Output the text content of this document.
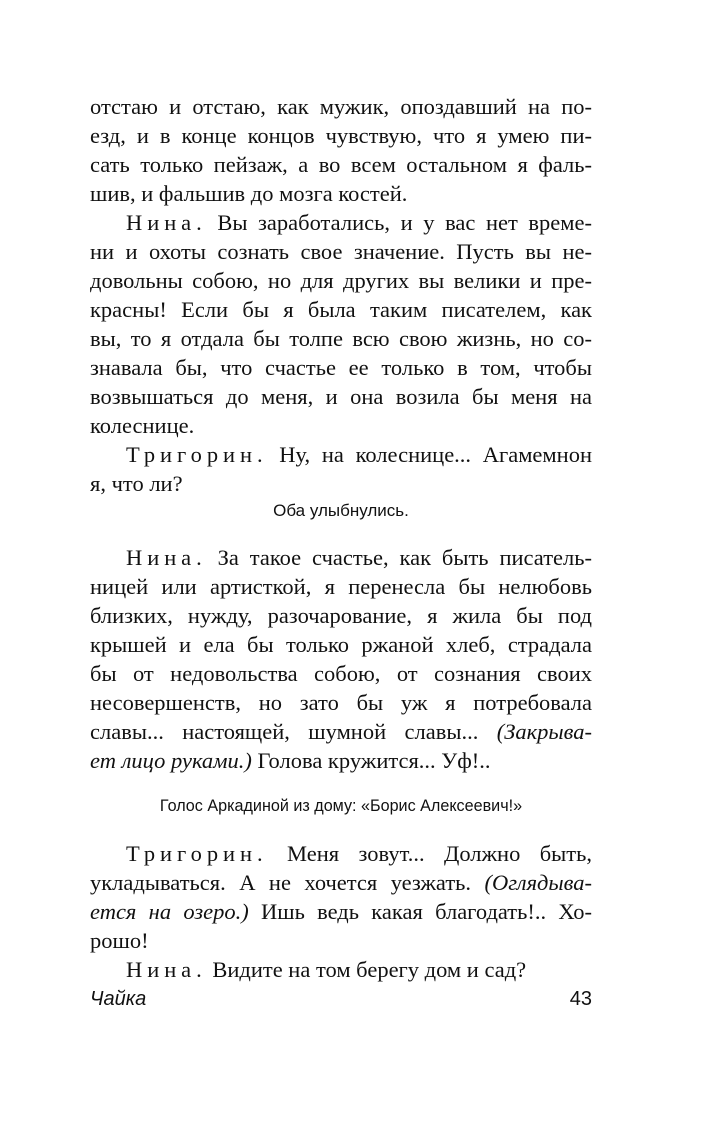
отстаю и отстаю, как мужик, опоздавший на по-
езд, и в конце концов чувствую, что я умею пи-
сать только пейзаж, а во всем остальном я фаль-
шив, и фальшив до мозга костей.
Нина. Вы заработались, и у вас нет време-
ни и охоты сознать свое значение. Пусть вы не-
довольны собою, но для других вы велики и пре-
красны! Если бы я была таким писателем, как
вы, то я отдала бы толпе всю свою жизнь, но со-
знавала бы, что счастье ее только в том, чтобы
возвышаться до меня, и она возила бы меня на
колеснице.
Тригорин. Ну, на колеснице... Агамемнон
я, что ли?
Оба улыбнулись.
Нина. За такое счастье, как быть писатель-
ницей или артисткой, я перенесла бы нелюбовь
близких, нужду, разочарование, я жила бы под
крышей и ела бы только ржаной хлеб, страдала
бы от недовольства собою, от сознания своих
несовершенств, но зато бы уж я потребовала
славы... настоящей, шумной славы... (Закрыва-
ет лицо руками.) Голова кружится... Уф!..
Голос Аркадиной из дому: «Борис Алексеевич!»
Тригорин. Меня зовут... Должно быть,
укладываться. А не хочется уезжать. (Оглядыва-
ется на озеро.) Ишь ведь какая благодать!.. Хо-
рошо!
Нина. Видите на том берегу дом и сад?
Чайка	43
